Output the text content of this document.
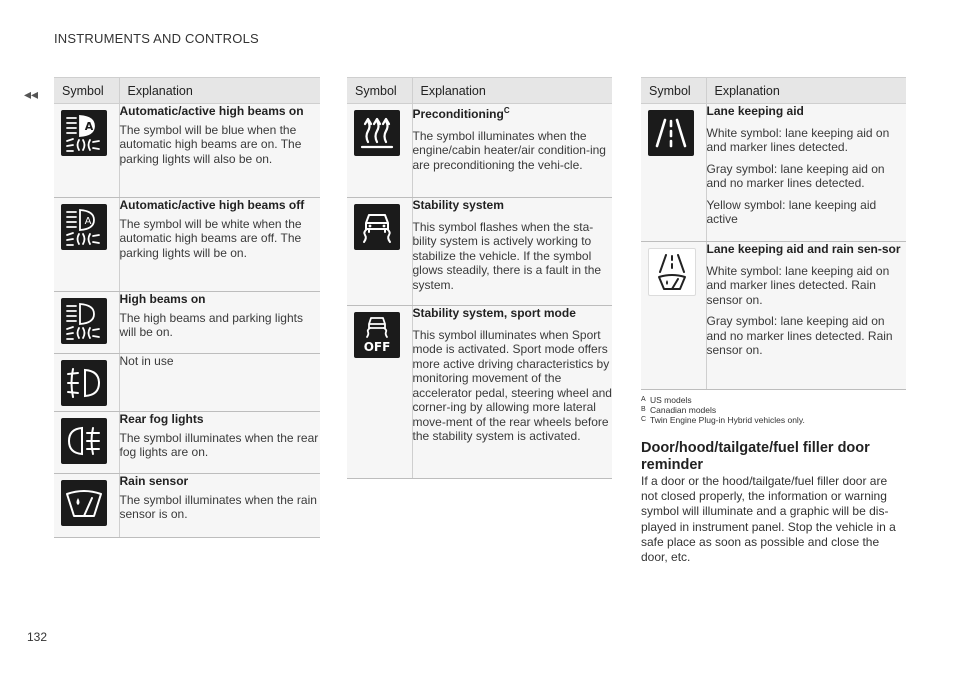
INSTRUMENTS AND CONTROLS
◂◂ Symbol	Explanation

A	Automatic/active high beams on
The symbol will be blue when the automatic high beams are on. The parking lights will also be on.

A	Automatic/active high beams off
The symbol will be white when the automatic high beams are off. The parking lights will be on.

High beams on
The high beams and parking lights will be on.

Not in use

Rear fog lights
The symbol illuminates when the rear fog lights are on.

Rain sensor
The symbol illuminates when the rain sensor is on.
Symbol	Explanation

Preconditioning$^C$
The symbol illuminates when the engine/cabin heater/air condition-ing are preconditioning the vehi-cle.

Stability system
This symbol flashes when the sta-bility system is actively working to stabilize the vehicle. If the symbol glows steadily, there is a fault in the system.

OFF	Stability system, sport mode
This symbol illuminates when Sport mode is activated. Sport mode offers more active driving characteristics by monitoring movement of the accelerator pedal, steering wheel and corner-ing by allowing more lateral move-ment of the rear wheels before the stability system is activated.
Symbol	Explanation

Lane keeping aid
White symbol: lane keeping aid on and marker lines detected.
Gray symbol: lane keeping aid on and no marker lines detected.
Yellow symbol: lane keeping aid active

Lane keeping aid and rain sen-sor
White symbol: lane keeping aid on and marker lines detected. Rain sensor on.
Gray symbol: lane keeping aid on and no marker lines detected. Rain sensor on.
A US models
B Canadian models
C Twin Engine Plug-in Hybrid vehicles only.
Door/hood/tailgate/fuel filler door reminder
If a door or the hood/tailgate/fuel filler door are not closed properly, the information or warning symbol will illuminate and a graphic will be dis-played in instrument panel. Stop the vehicle in a safe place as soon as possible and close the door, etc.
132
